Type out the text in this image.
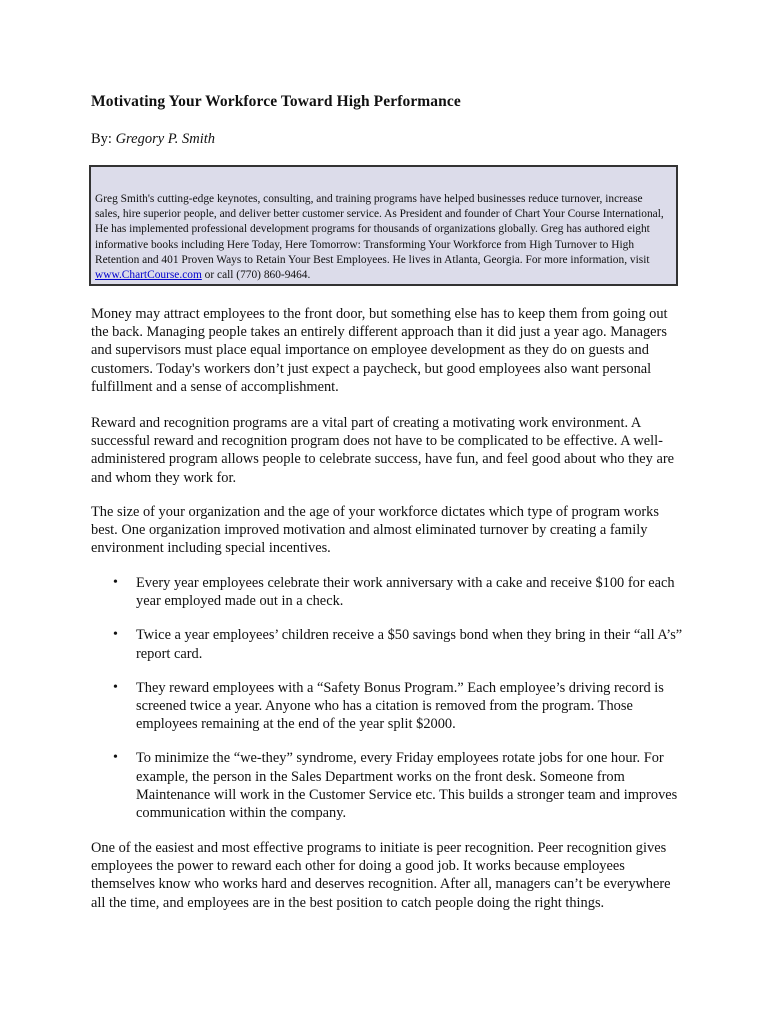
Motivating Your Workforce Toward High Performance
By: Gregory P. Smith
Greg Smith's cutting-edge keynotes, consulting, and training programs have helped businesses reduce turnover, increase sales, hire superior people, and deliver better customer service. As President and founder of Chart Your Course International, He has implemented professional development programs for thousands of organizations globally. Greg has authored eight informative books including Here Today, Here Tomorrow: Transforming Your Workforce from High Turnover to High Retention and 401 Proven Ways to Retain Your Best Employees. He lives in Atlanta, Georgia. For more information, visit www.ChartCourse.com or call (770) 860-9464.
Money may attract employees to the front door, but something else has to keep them from going out the back. Managing people takes an entirely different approach than it did just a year ago. Managers and supervisors must place equal importance on employee development as they do on guests and customers. Today's workers don’t just expect a paycheck, but good employees also want personal fulfillment and a sense of accomplishment.
Reward and recognition programs are a vital part of creating a motivating work environment. A successful reward and recognition program does not have to be complicated to be effective. A well-administered program allows people to celebrate success, have fun, and feel good about who they are and whom they work for.
The size of your organization and the age of your workforce dictates which type of program works best. One organization improved motivation and almost eliminated turnover by creating a family environment including special incentives.
• Every year employees celebrate their work anniversary with a cake and receive $100 for each year employed made out in a check.
• Twice a year employees’ children receive a $50 savings bond when they bring in their “all A’s” report card.
• They reward employees with a “Safety Bonus Program.” Each employee’s driving record is screened twice a year. Anyone who has a citation is removed from the program. Those employees remaining at the end of the year split $2000.
• To minimize the “we-they” syndrome, every Friday employees rotate jobs for one hour. For example, the person in the Sales Department works on the front desk. Someone from Maintenance will work in the Customer Service etc. This builds a stronger team and improves communication within the company.
One of the easiest and most effective programs to initiate is peer recognition. Peer recognition gives employees the power to reward each other for doing a good job. It works because employees themselves know who works hard and deserves recognition. After all, managers can’t be everywhere all the time, and employees are in the best position to catch people doing the right things.
